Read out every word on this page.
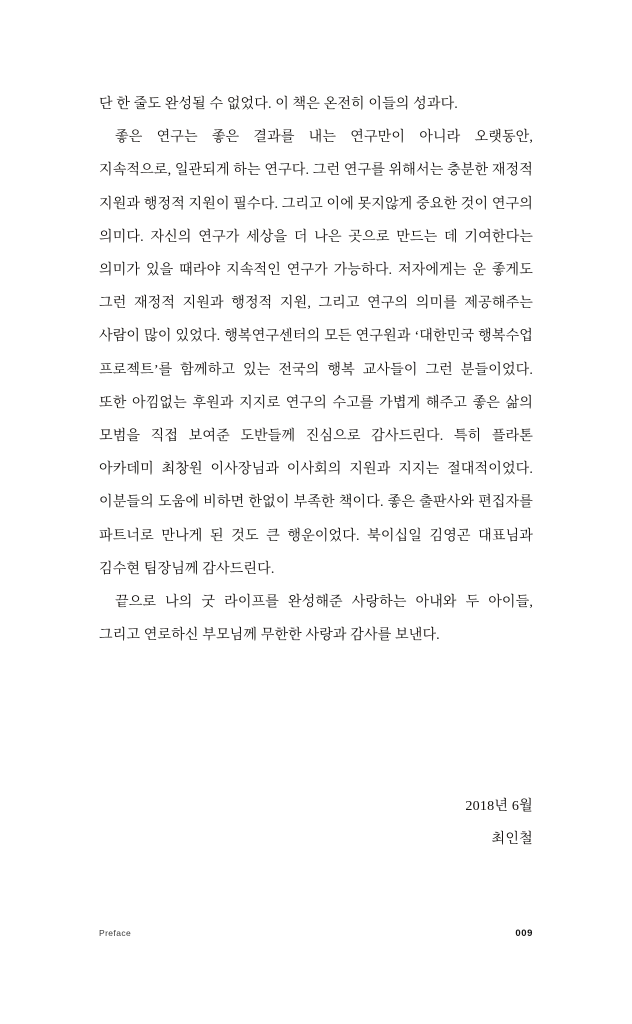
단 한 줄도 완성될 수 없었다. 이 책은 온전히 이들의 성과다.

좋은 연구는 좋은 결과를 내는 연구만이 아니라 오랫동안, 지속적으로, 일관되게 하는 연구다. 그런 연구를 위해서는 충분한 재정적 지원과 행정적 지원이 필수다. 그리고 이에 못지않게 중요한 것이 연구의 의미다. 자신의 연구가 세상을 더 나은 곳으로 만드는 데 기여한다는 의미가 있을 때라야 지속적인 연구가 가능하다. 저자에게는 운 좋게도 그런 재정적 지원과 행정적 지원, 그리고 연구의 의미를 제공해주는 사람이 많이 있었다. 행복연구센터의 모든 연구원과 ‘대한민국 행복수업 프로젝트’를 함께하고 있는 전국의 행복 교사들이 그런 분들이었다. 또한 아낌없는 후원과 지지로 연구의 수고를 가볍게 해주고 좋은 삶의 모범을 직접 보여준 도반들께 진심으로 감사드린다. 특히 플라톤 아카데미 최창원 이사장님과 이사회의 지원과 지지는 절대적이었다. 이분들의 도움에 비하면 한없이 부족한 책이다. 좋은 출판사와 편집자를 파트너로 만나게 된 것도 큰 행운이었다. 북이십일 김영곤 대표님과 김수현 팀장님께 감사드린다.

끝으로 나의 굿 라이프를 완성해준 사랑하는 아내와 두 아이들, 그리고 연로하신 부모님께 무한한 사랑과 감사를 보낸다.

2018년 6월
최인철
Preface	009
